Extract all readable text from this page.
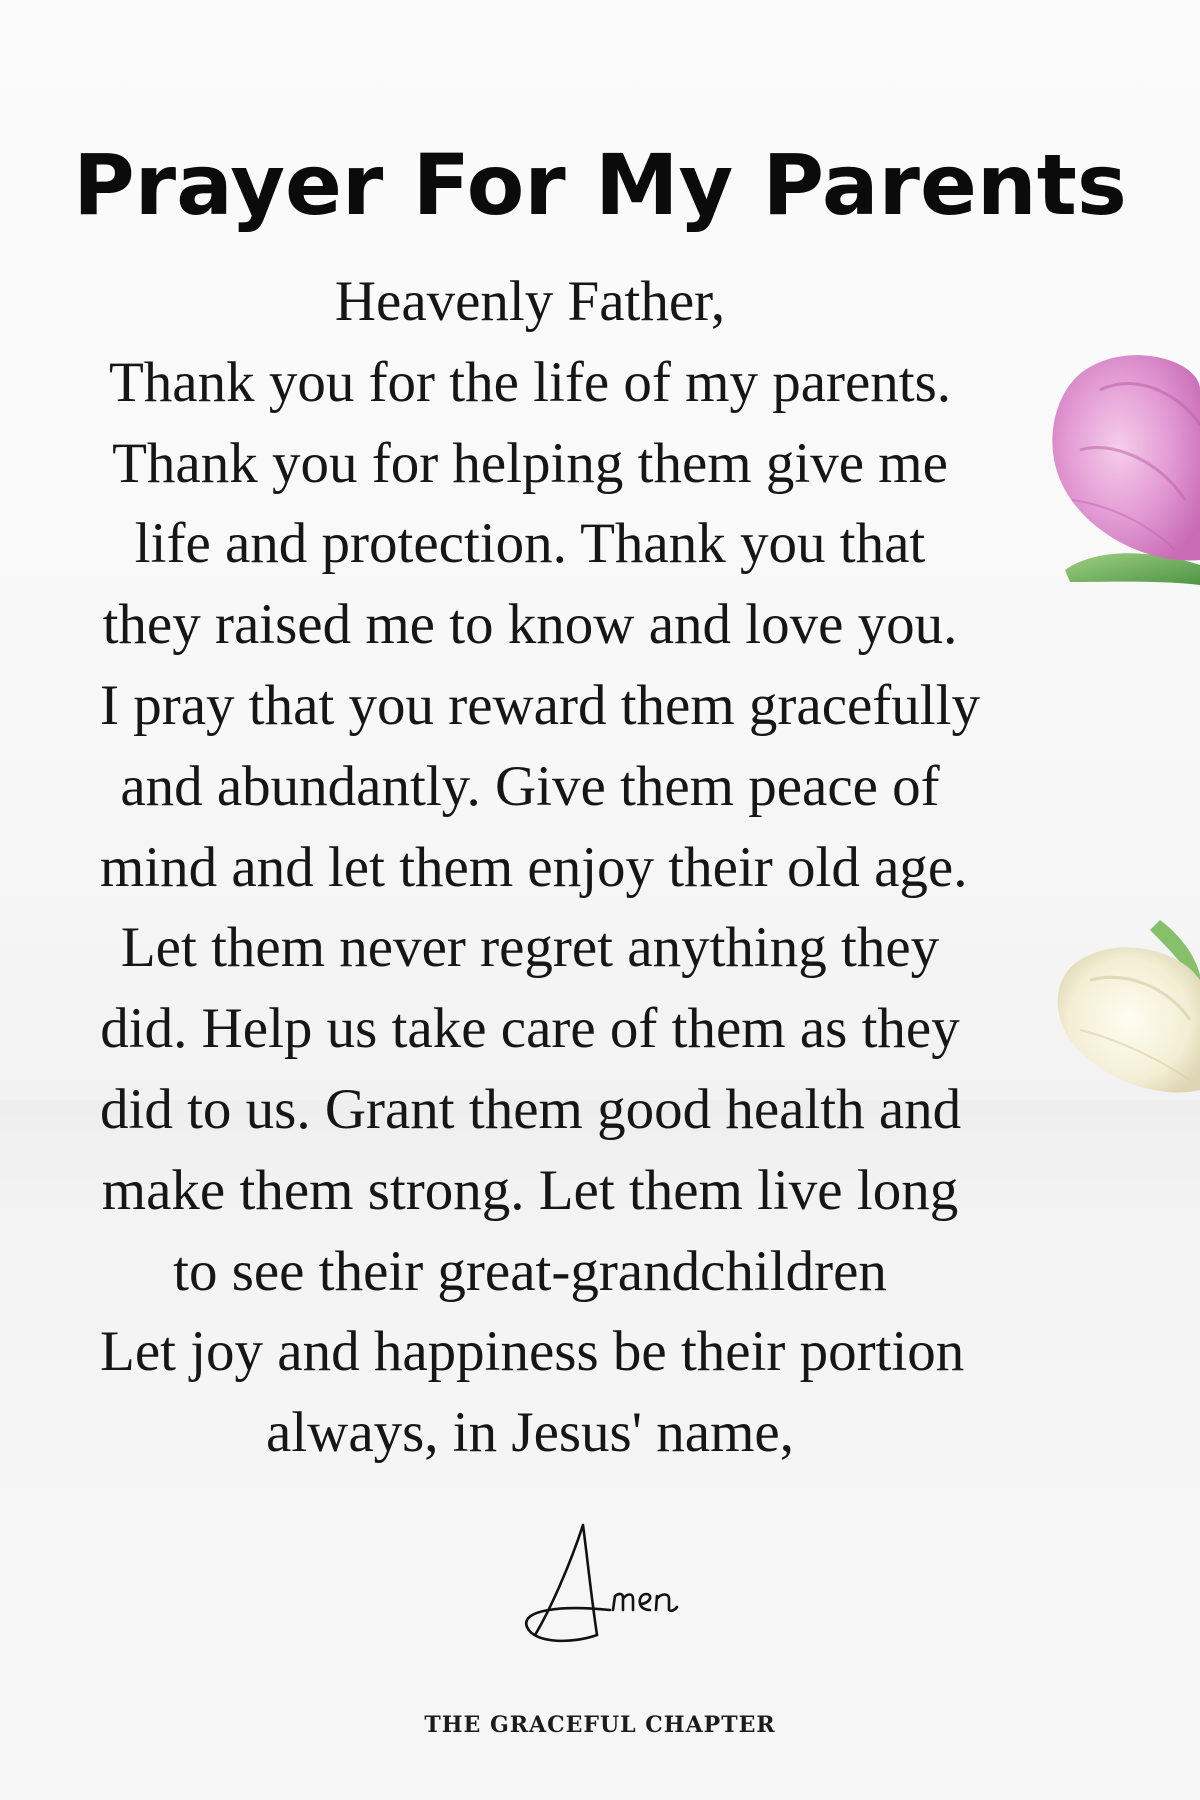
Prayer For My Parents
Heavenly Father,
Thank you for the life of my parents.
Thank you for helping them give me
life and protection. Thank you that
they raised me to know and love you.
I pray that you reward them gracefully
and abundantly. Give them peace of
mind and let them enjoy their old age.
Let them never regret anything they
did. Help us take care of them as they
did to us. Grant them good health and
make them strong. Let them live long
to see their great-grandchildren
Let joy and happiness be their portion
always, in Jesus' name,
THE GRACEFUL CHAPTER
